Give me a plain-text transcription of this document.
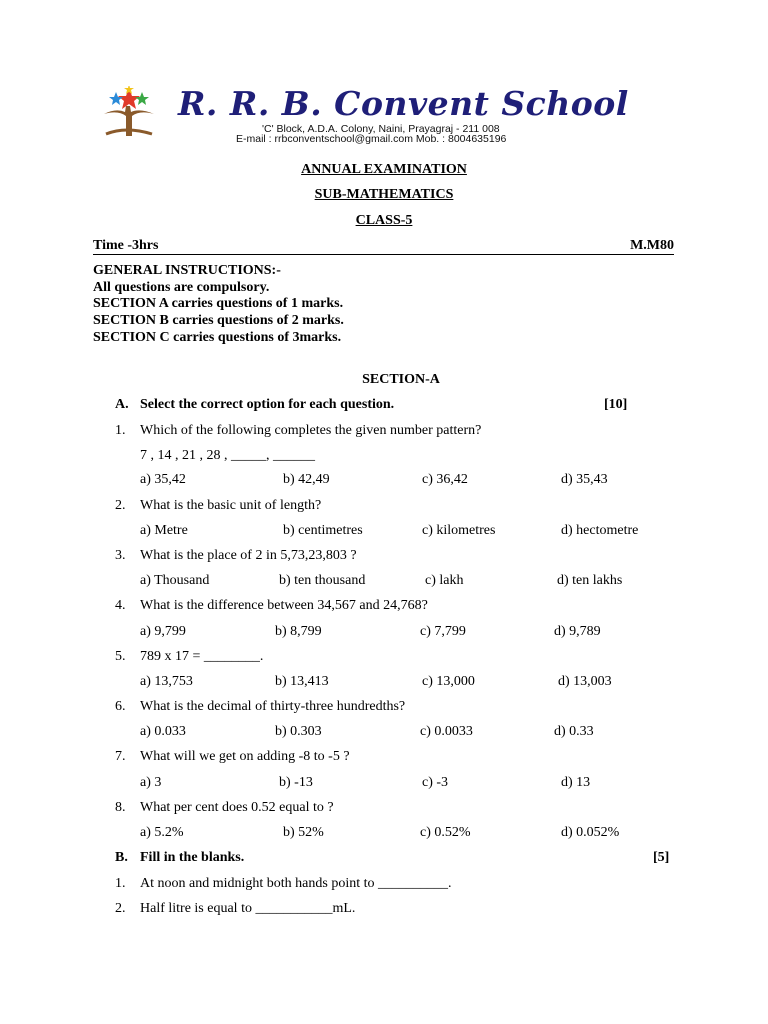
R. R. B. Convent School
'C' Block, A.D.A. Colony, Naini, Prayagraj - 211 008
E-mail : rrbconventschool@gmail.com Mob. : 8004635196
ANNUAL EXAMINATION
SUB-MATHEMATICS
CLASS-5
Time -3hrs	M.M80
GENERAL INSTRUCTIONS:-
All questions are compulsory.
SECTION A carries questions of 1 marks.
SECTION B carries questions of 2 marks.
SECTION C carries questions of 3marks.
SECTION-A
A. Select the correct option for each question.	[10]
1. Which of the following completes the given number pattern?
7 , 14 , 21 , 28 , _____, ______
a) 35,42	b) 42,49	c) 36,42	d) 35,43
2. What is the basic unit of length?
a) Metre	b) centimetres	c) kilometres	d) hectometre
3. What is the place of 2 in 5,73,23,803 ?
a) Thousand	b) ten thousand	c) lakh	d) ten lakhs
4. What is the difference between 34,567 and 24,768?
a) 9,799	b) 8,799	c) 7,799	d) 9,789
5. 789 x 17 = ________.
a) 13,753	b) 13,413	c) 13,000	d) 13,003
6. What is the decimal of thirty-three hundredths?
a) 0.033	b) 0.303	c) 0.0033	d) 0.33
7. What will we get on adding -8 to -5 ?
a) 3	b) -13	c) -3	d) 13
8. What per cent does 0.52 equal to ?
a) 5.2%	b) 52%	c) 0.52%	d) 0.052%
B. Fill in the blanks.	[5]
1. At noon and midnight both hands point to __________.
2. Half litre is equal to ___________mL.
